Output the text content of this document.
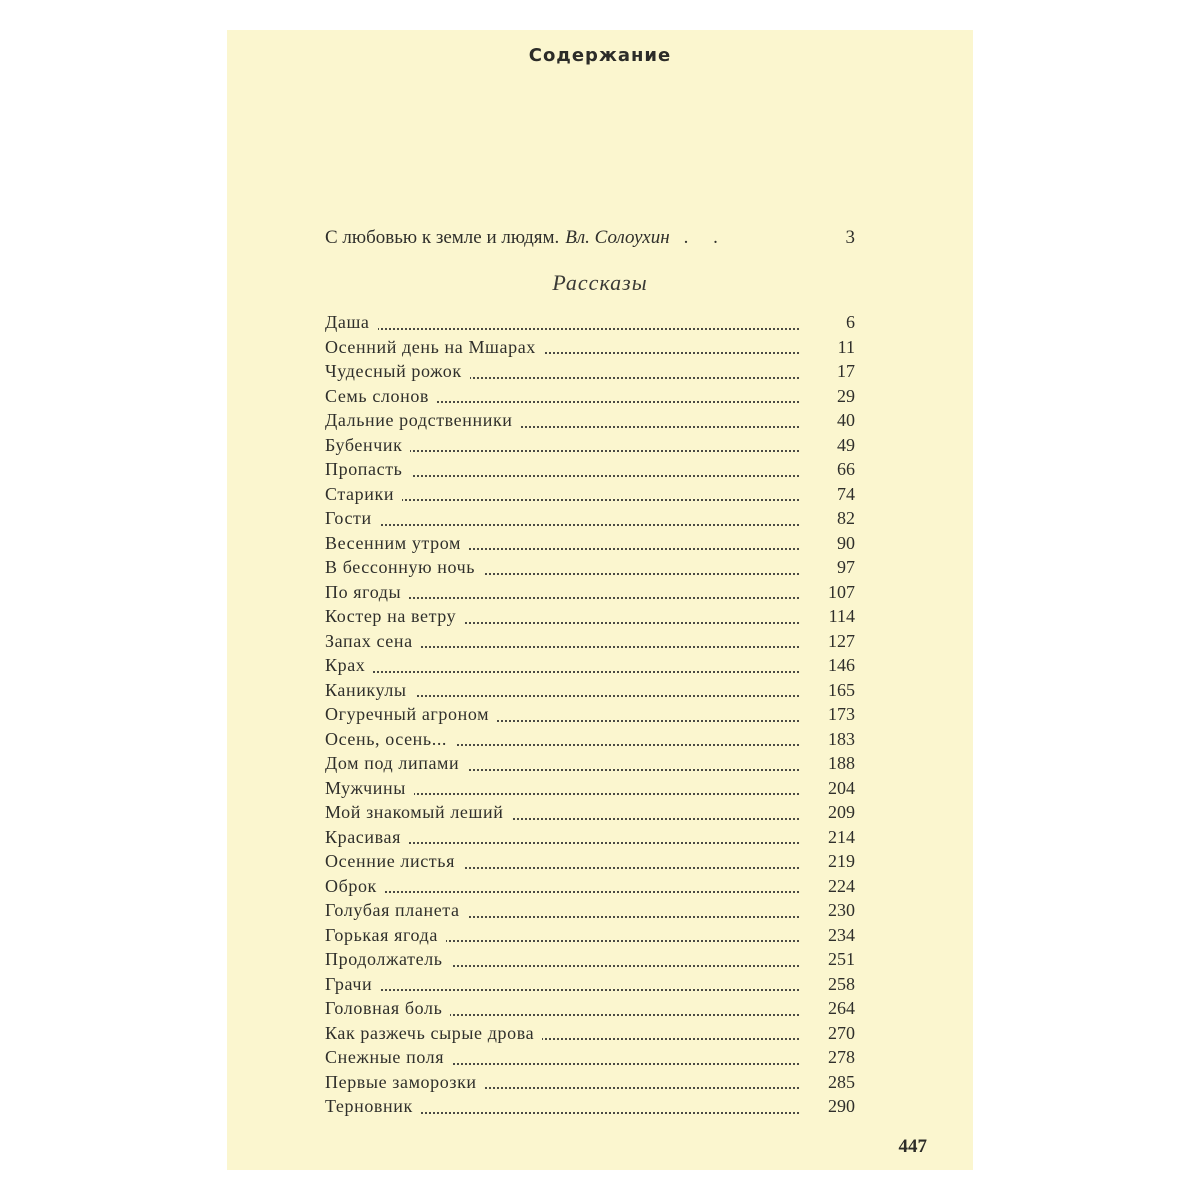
Содержание
С любовью к земле и людям. Вл. Солоухин . .	3
Рассказы
Даша	6
Осенний день на Мшарах	11
Чудесный рожок	17
Семь слонов	29
Дальние родственники	40
Бубенчик	49
Пропасть	66
Старики	74
Гости	82
Весенним утром	90
В бессонную ночь	97
По ягоды	107
Костер на ветру	114
Запах сена	127
Крах	146
Каникулы	165
Огуречный агроном	173
Осень, осень...	183
Дом под липами	188
Мужчины	204
Мой знакомый леший	209
Красивая	214
Осенние листья	219
Оброк	224
Голубая планета	230
Горькая ягода	234
Продолжатель	251
Грачи	258
Головная боль	264
Как разжечь сырые дрова	270
Снежные поля	278
Первые заморозки	285
Терновник	290
447
